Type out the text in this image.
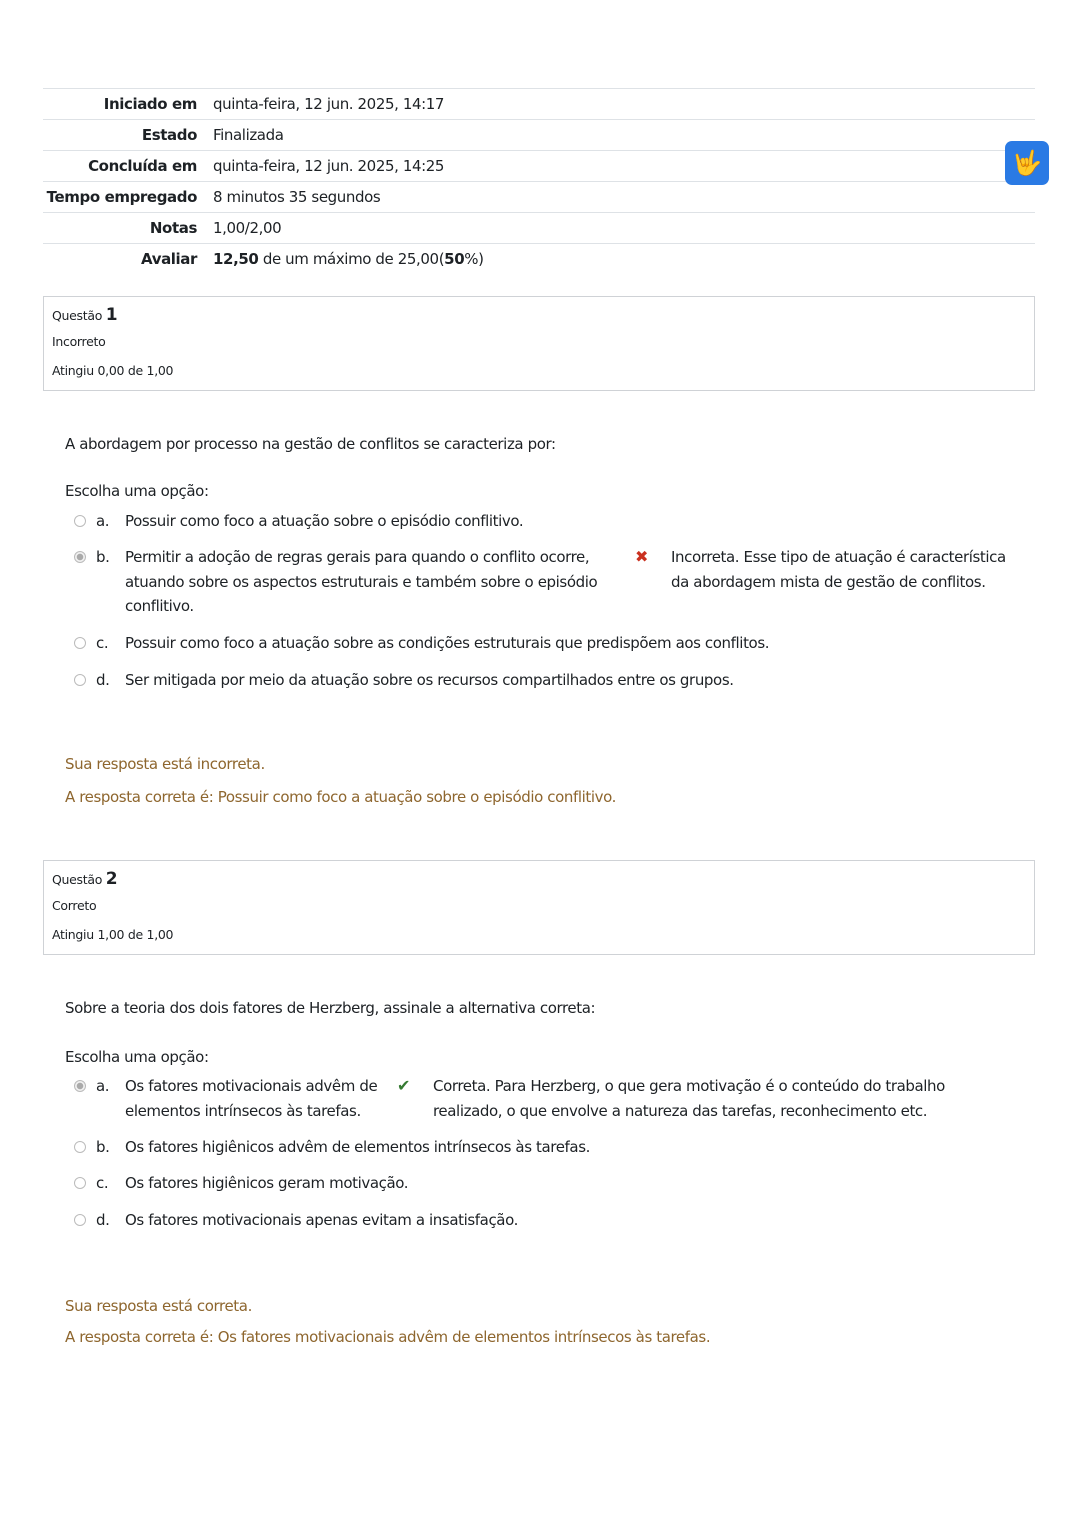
Iniciado em	quinta-feira, 12 jun. 2025, 14:17
Estado	Finalizada
Concluída em	quinta-feira, 12 jun. 2025, 14:25
Tempo empregado	8 minutos 35 segundos
Notas	1,00/2,00
Avaliar	12,50 de um máximo de 25,00(50%)
🤟
Questão 1
Incorreto
Atingiu 0,00 de 1,00
A abordagem por processo na gestão de conflitos se caracteriza por:
Escolha uma opção:
a.	Possuir como foco a atuação sobre o episódio conflitivo.
b.	Permitir a adoção de regras gerais para quando o conflito ocorre, atuando sobre os aspectos estruturais e também sobre o episódio conflitivo.
✖ Incorreta. Esse tipo de atuação é característica da abordagem mista de gestão de conflitos.
c.	Possuir como foco a atuação sobre as condições estruturais que predispõem aos conflitos.
d.	Ser mitigada por meio da atuação sobre os recursos compartilhados entre os grupos.
Sua resposta está incorreta.
A resposta correta é: Possuir como foco a atuação sobre o episódio conflitivo.
Questão 2
Correto
Atingiu 1,00 de 1,00
Sobre a teoria dos dois fatores de Herzberg, assinale a alternativa correta:
Escolha uma opção:
a.	Os fatores motivacionais advêm de elementos intrínsecos às tarefas.
✔ Correta. Para Herzberg, o que gera motivação é o conteúdo do trabalho realizado, o que envolve a natureza das tarefas, reconhecimento etc.
b.	Os fatores higiênicos advêm de elementos intrínsecos às tarefas.
c.	Os fatores higiênicos geram motivação.
d.	Os fatores motivacionais apenas evitam a insatisfação.
Sua resposta está correta.
A resposta correta é: Os fatores motivacionais advêm de elementos intrínsecos às tarefas.
